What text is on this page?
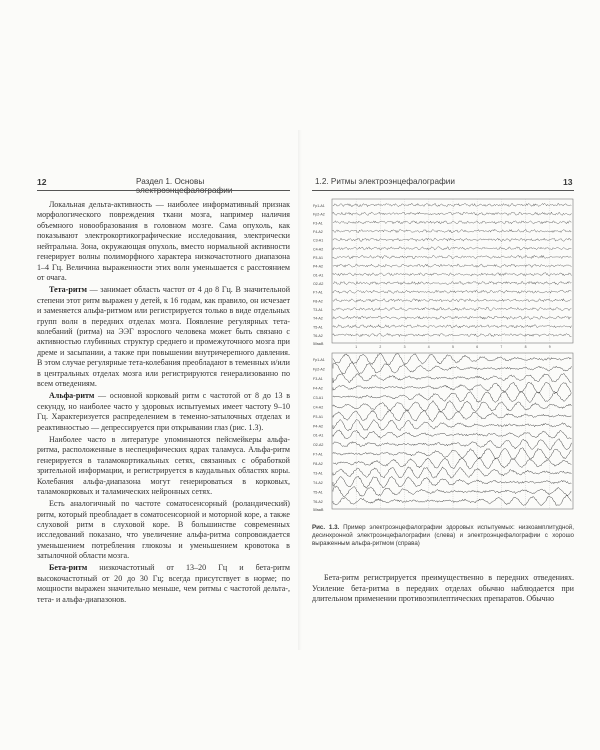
12	Раздел 1. Основы электроэнцефалографии

Локальная дельта-активность — наиболее информативный признак морфологического повреждения ткани мозга, например наличия объемного новообразования в головном мозге. Сама опухоль, как показывают электрокортикографические исследования, электрически нейтральна. Зона, окружающая опухоль, вместо нормальной активности генерирует волны полиморфного характера низкочастотного диапазона 1–4 Гц. Величина выраженности этих волн уменьшается с расстоянием от очага.

Тета-ритм — занимает область частот от 4 до 8 Гц. В значительной степени этот ритм выражен у детей, к 16 годам, как правило, он исчезает и заменяется альфа-ритмом или регистрируется только в виде отдельных групп волн в передних отделах мозга. Появление регулярных тета-колебаний (ритма) на ЭЭГ взрослого человека может быть связано с активностью глубинных структур среднего и промежуточного мозга при дреме и засыпании, а также при повышении внутричерепного давления. В этом случае регулярные тета-колебания преобладают в теменных и/или в центральных отделах мозга или регистрируются генерализованно по всем отведениям.

Альфа-ритм — основной корковый ритм с частотой от 8 до 13 в секунду, но наиболее часто у здоровых испытуемых имеет частоту 9–10 Гц. Характеризуется распределением в теменно-затылочных отделах и реактивностью — депрессируется при открывании глаз (рис. 1.3).

Наиболее часто в литературе упоминаются пейсмейкеры альфа-ритма, расположенные в неспецифических ядрах таламуса. Альфа-ритм генерируется в таламокортикальных сетях, связанных с обработкой зрительной информации, и регистрируется в каудальных областях коры. Колебания альфа-диапазона могут генерироваться в корковых, таламокорковых и таламических нейронных сетях.

Есть аналогичный по частоте соматосенсорный (роландический) ритм, который преобладает в соматосенсорной и моторной коре, а также слуховой ритм в слуховой коре. В большинстве современных исследований показано, что увеличение альфа-ритма сопровождается уменьшением потребления глюкозы и уменьшением кровотока в затылочной области мозга.

Бета-ритм низкочастотный от 13–20 Гц и бета-ритм высокочастотный от 20 до 30 Гц; всегда присутствует в норме; по мощности выражен значительно меньше, чем ритмы с частотой дельта-, тета- и альфа-диапазонов.

1.2. Ритмы электроэнцефалографии	13
Fp1-A1
Fp2-A2
F3-A1
F4-A2
C3-A1
C4-A2
P3-A1
P4-A2
O1-A1
O2-A2
F7-A1
F8-A2
T3-A1
T4-A2
T5-A1
T6-A2
50мкВ
1	2	3	4	5	6	7	8	9
Fp1-A1
Fp2-A2
F3-A1
F4-A2
C3-A1
C4-A2
P3-A1
P4-A2
O1-A1
O2-A2
F7-A1
F8-A2
T3-A1
T4-A2
T5-A1
T6-A2
50мкВ
Рис. 1.3. Пример электроэнцефалографии здоровых испытуемых: низкоамплитудной, десинхронной электроэнцефалографии (слева) и электроэнцефалографии с хорошо выраженным альфа-ритмом (справа)

Бета-ритм регистрируется преимущественно в передних отведениях. Усиление бета-ритма в передних отделах обычно наблюдается при длительном применении противоэпилептических препаратов. Обычно
